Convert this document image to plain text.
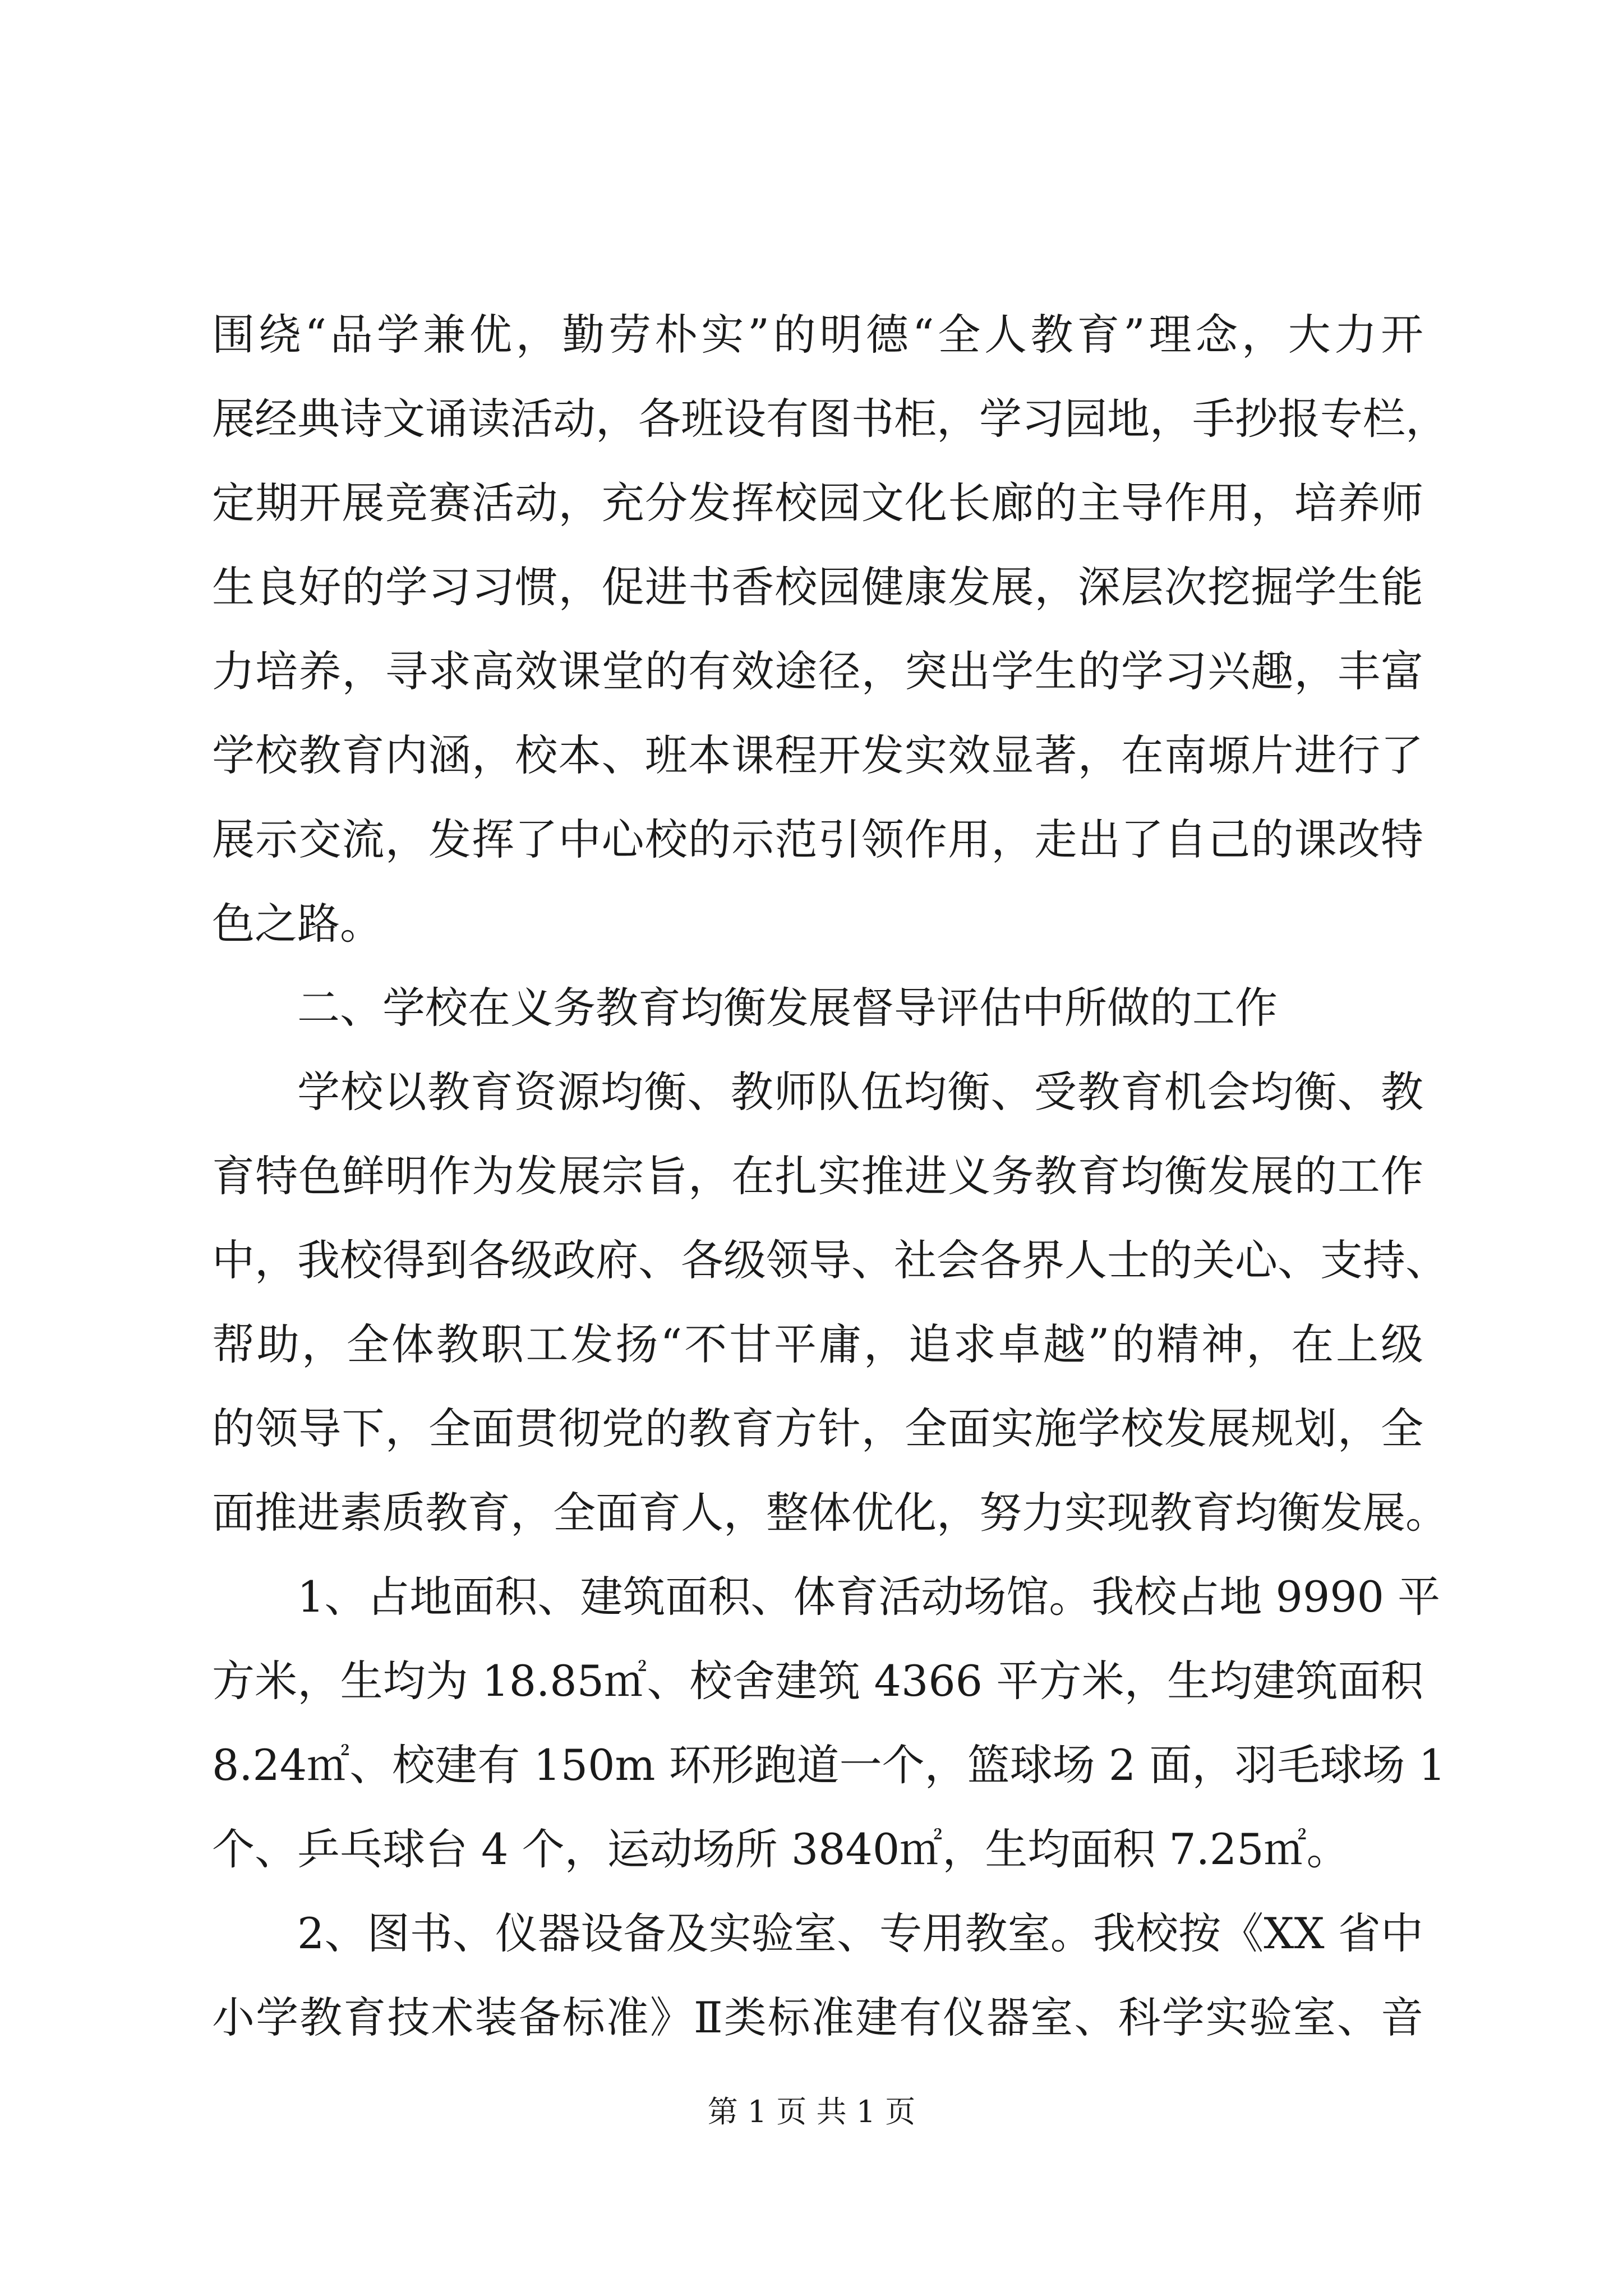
围绕“品学兼优，勤劳朴实”的明德“全人教育”理念，大力开
展经典诗文诵读活动，各班设有图书柜，学习园地，手抄报专栏，
定期开展竞赛活动，充分发挥校园文化长廊的主导作用，培养师
生良好的学习习惯，促进书香校园健康发展，深层次挖掘学生能
力培养，寻求高效课堂的有效途径，突出学生的学习兴趣，丰富
学校教育内涵，校本、班本课程开发实效显著，在南塬片进行了
展示交流，发挥了中心校的示范引领作用，走出了自己的课改特
色之路。
二、学校在义务教育均衡发展督导评估中所做的工作
学校以教育资源均衡、教师队伍均衡、受教育机会均衡、教
育特色鲜明作为发展宗旨，在扎实推进义务教育均衡发展的工作
中，我校得到各级政府、各级领导、社会各界人士的关心、支持、
帮助，全体教职工发扬“不甘平庸，追求卓越”的精神，在上级
的领导下，全面贯彻党的教育方针，全面实施学校发展规划，全
面推进素质教育，全面育人，整体优化，努力实现教育均衡发展。
1、占地面积、建筑面积、体育活动场馆。我校占地 9990 平
方米，生均为 18.85㎡、校舍建筑 4366 平方米，生均建筑面积
8.24㎡、校建有 150m 环形跑道一个，篮球场 2 面，羽毛球场 1
个、乒乓球台 4 个，运动场所 3840㎡，生均面积 7.25㎡。
2、图书、仪器设备及实验室、专用教室。我校按《XX 省中
小学教育技术装备标准》Ⅱ类标准建有仪器室、科学实验室、音
第 1 页 共 1 页
